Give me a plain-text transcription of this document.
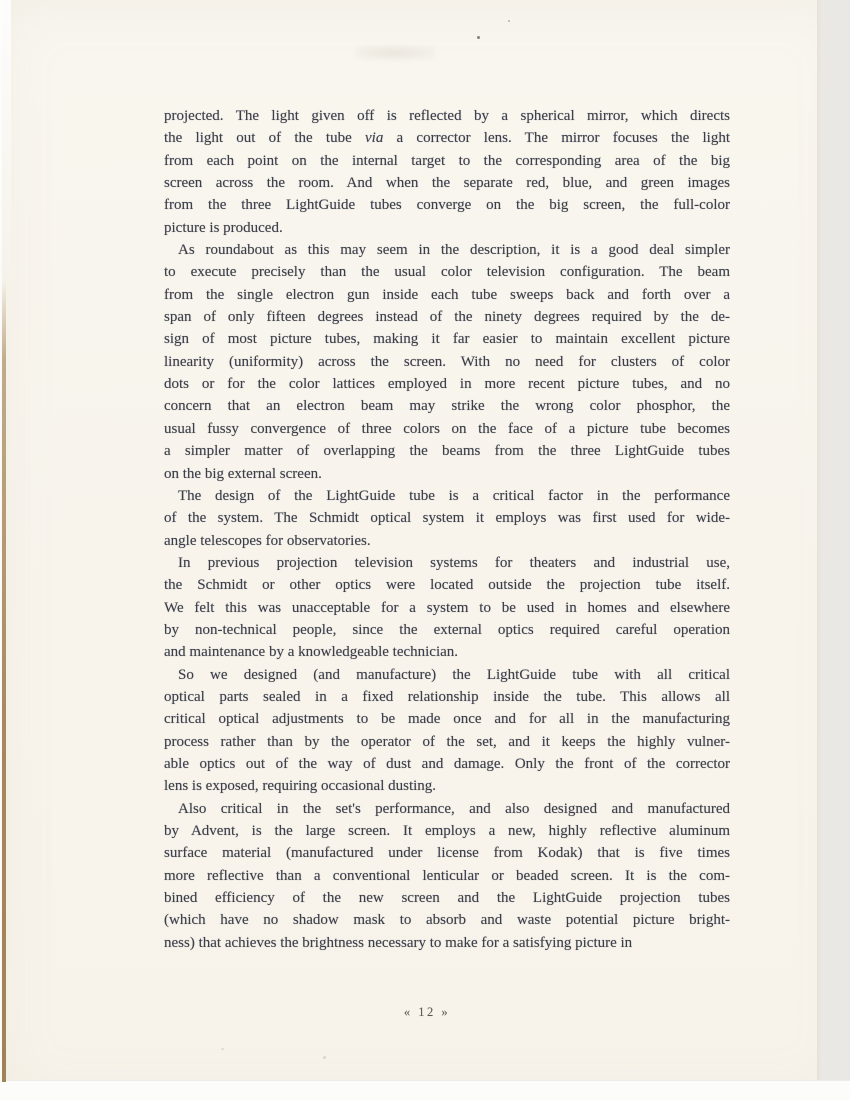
projected. The light given off is reflected by a spherical mirror, which directs
the light out of the tube via a corrector lens. The mirror focuses the light
from each point on the internal target to the corresponding area of the big
screen across the room. And when the separate red, blue, and green images
from the three LightGuide tubes converge on the big screen, the full-color
picture is produced.
As roundabout as this may seem in the description, it is a good deal simpler
to execute precisely than the usual color television configuration. The beam
from the single electron gun inside each tube sweeps back and forth over a
span of only fifteen degrees instead of the ninety degrees required by the de-
sign of most picture tubes, making it far easier to maintain excellent picture
linearity (uniformity) across the screen. With no need for clusters of color
dots or for the color lattices employed in more recent picture tubes, and no
concern that an electron beam may strike the wrong color phosphor, the
usual fussy convergence of three colors on the face of a picture tube becomes
a simpler matter of overlapping the beams from the three LightGuide tubes
on the big external screen.
The design of the LightGuide tube is a critical factor in the performance
of the system. The Schmidt optical system it employs was first used for wide-
angle telescopes for observatories.
In previous projection television systems for theaters and industrial use,
the Schmidt or other optics were located outside the projection tube itself.
We felt this was unacceptable for a system to be used in homes and elsewhere
by non-technical people, since the external optics required careful operation
and maintenance by a knowledgeable technician.
So we designed (and manufacture) the LightGuide tube with all critical
optical parts sealed in a fixed relationship inside the tube. This allows all
critical optical adjustments to be made once and for all in the manufacturing
process rather than by the operator of the set, and it keeps the highly vulner-
able optics out of the way of dust and damage. Only the front of the corrector
lens is exposed, requiring occasional dusting.
Also critical in the set's performance, and also designed and manufactured
by Advent, is the large screen. It employs a new, highly reflective aluminum
surface material (manufactured under license from Kodak) that is five times
more reflective than a conventional lenticular or beaded screen. It is the com-
bined efficiency of the new screen and the LightGuide projection tubes
(which have no shadow mask to absorb and waste potential picture bright-
ness) that achieves the brightness necessary to make for a satisfying picture in
« 12 »
